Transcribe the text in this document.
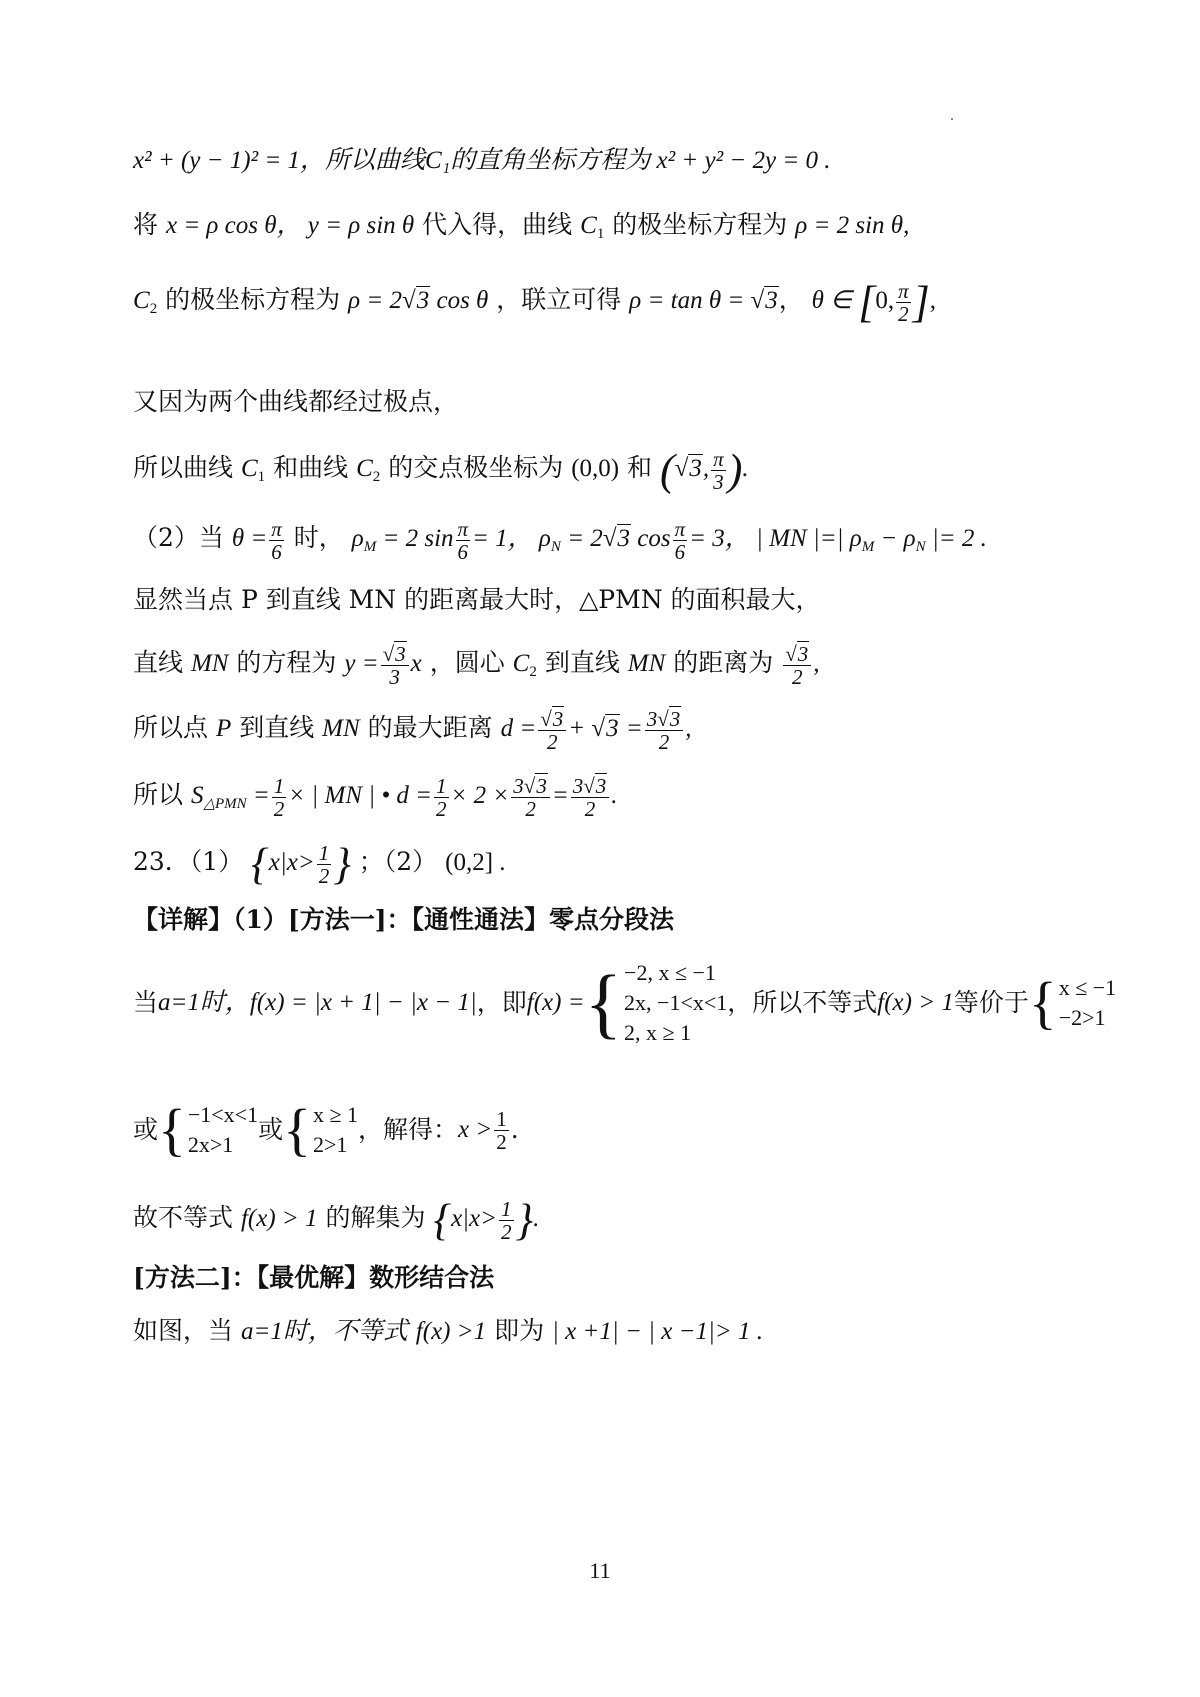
x² + (y − 1)² = 1，所以曲线C₁的直角坐标方程为 x² + y² − 2y = 0 .
将 x = ρ cos θ， y = ρ sin θ 代入得，曲线 $C_1$ 的极坐标方程为 ρ = 2 sin θ,
$C_2$ 的极坐标方程为 ρ = 2√3 cos θ ，联立可得 ρ = tan θ = √3， θ ∈ [0, $\frac{\pi}{2}$ ],
又因为两个曲线都经过极点，
所以曲线 $C_1$ 和曲线 $C_2$ 的交点极坐标为 (0,0) 和 (√3, $\frac{\pi}{3}$ ).
（2）当 $\theta = \frac{\pi}{6}$ 时， $\rho_M = 2$ $\sin \frac{\pi}{6} = 1$， $\rho_N = 2√3$ $\cos \frac{\pi}{6} = 3$， | MN |=| $\rho_M - \rho_N$ |= 2 .
显然当点 P 到直线 MN 的距离最大时，△PMN 的面积最大，
直线 MN 的方程为 $y = \frac{√3}{3}$ x ，圆心 $C_2$ 到直线 MN 的距离为 $\frac{√3}{2}$ ,
所以点 P 到直线 MN 的最大距离 $d = \frac{√3}{2} + √3 = \frac{3√3}{2}$ ,
所以 $S_{\triangle PMN} = \frac{1}{2}$ × | MN | • $d = \frac{1}{2} \times 2 \times \frac{3√3}{2} = \frac{3√3}{2}$ .
23．（1） {$x|x> \frac{1}{2}$ } ；（2） (0,2] .
【详解】（1）[方法一]：【通性通法】零点分段法
当 a=1时， f(x) = |x + 1| − |x − 1| ，即 f(x) = { −2, x ≤ −1
2x, −1<x<1
2, x ≥ 1
，所以不等式 f(x) > 1 等价于 { x ≤ −1
−2>1
或 { −1<x<1
2x>1
或 { x ≥ 1
2>1
，解得： $x > \frac{1}{2}$ .
故不等式 f(x) > 1 的解集为 {$x|x> \frac{1}{2}$ }.
[方法二]：【最优解】数形结合法
如图，当 a=1时，不等式 f(x) >1 即为 | x +1| − | x −1|> 1 .
11
